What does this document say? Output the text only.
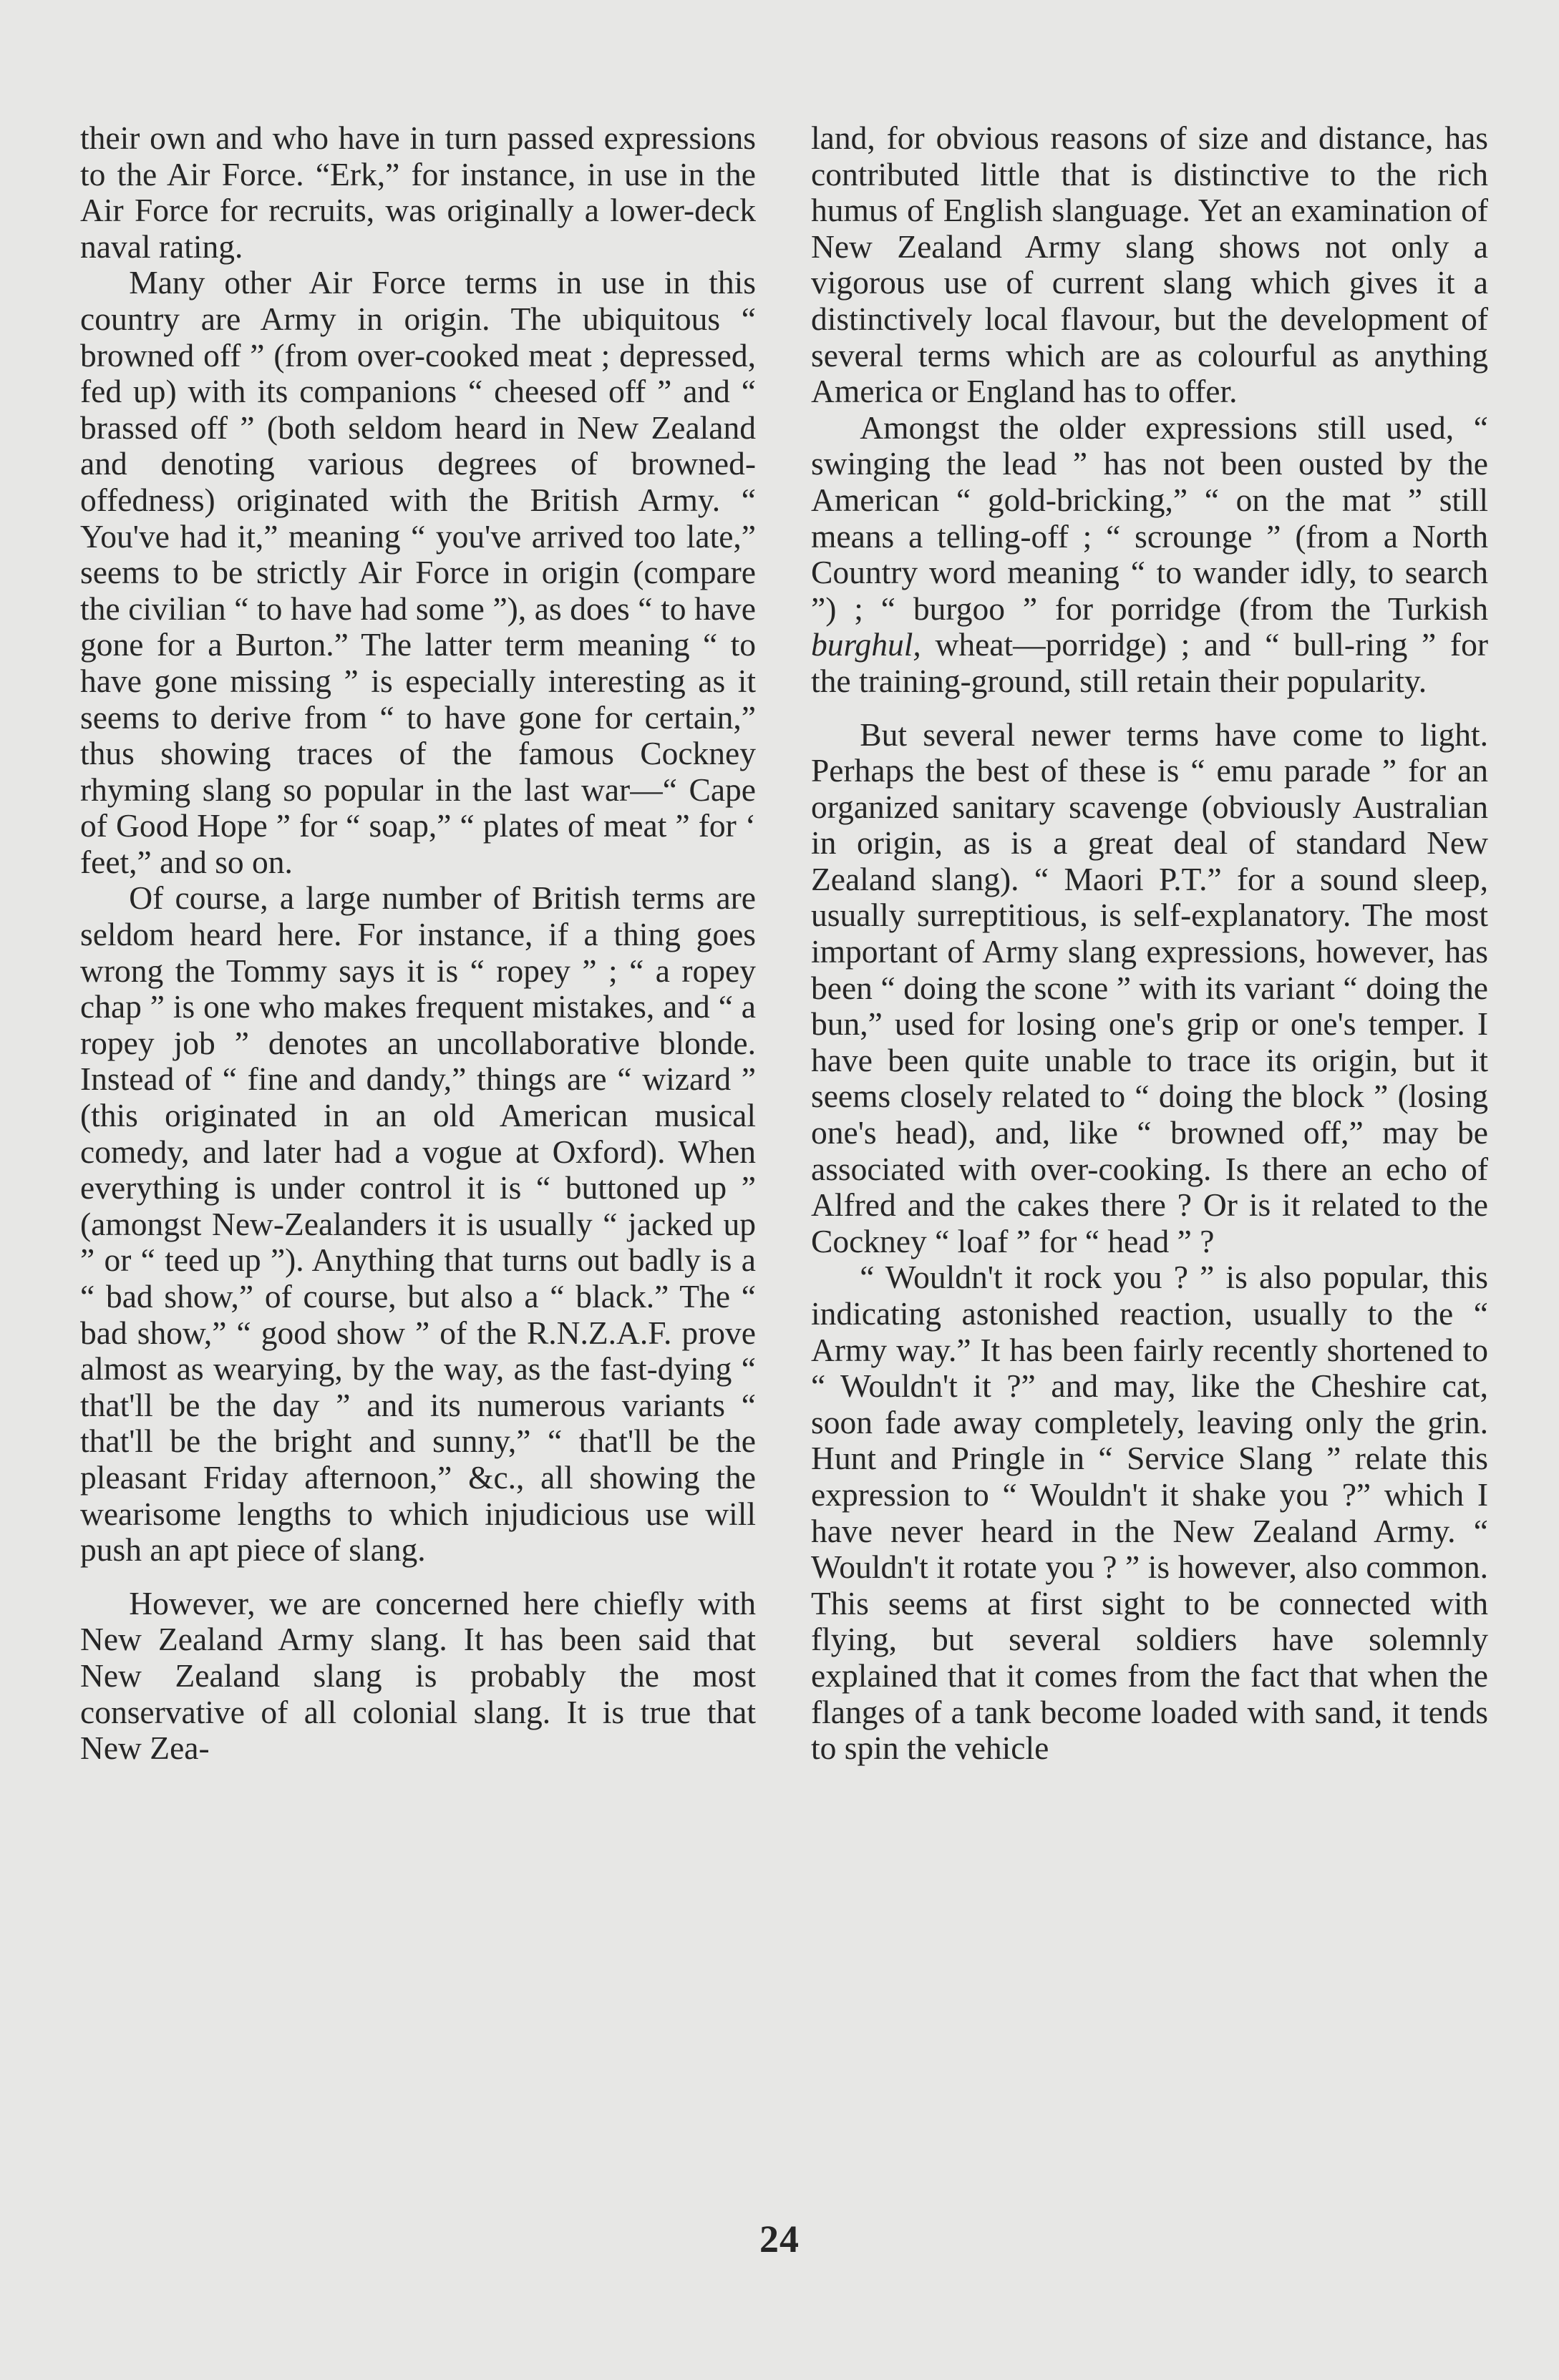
their own and who have in turn passed expressions to the Air Force. “Erk,” for instance, in use in the Air Force for recruits, was originally a lower-deck naval rating.

Many other Air Force terms in use in this country are Army in origin. The ubiquitous “ browned off ” (from over-cooked meat ; depressed, fed up) with its companions “ cheesed off ” and “ brassed off ” (both seldom heard in New Zealand and denoting various degrees of browned-offedness) originated with the British Army. “ You've had it,” meaning “ you've arrived too late,” seems to be strictly Air Force in origin (compare the civilian “ to have had some ”), as does “ to have gone for a Burton.” The latter term meaning “ to have gone missing ” is especially interesting as it seems to derive from “ to have gone for certain,” thus showing traces of the famous Cockney rhyming slang so popular in the last war—“ Cape of Good Hope ” for “ soap,” “ plates of meat ” for ‘ feet,” and so on.

Of course, a large number of British terms are seldom heard here. For instance, if a thing goes wrong the Tommy says it is “ ropey ” ; “ a ropey chap ” is one who makes frequent mistakes, and “ a ropey job ” denotes an uncollaborative blonde. Instead of “ fine and dandy,” things are “ wizard ” (this originated in an old American musical comedy, and later had a vogue at Oxford). When everything is under control it is “ buttoned up ” (amongst New-Zealanders it is usually “ jacked up ” or “ teed up ”). Anything that turns out badly is a “ bad show,” of course, but also a “ black.” The “ bad show,” “ good show ” of the R.N.Z.A.F. prove almost as wearying, by the way, as the fast-dying “ that'll be the day ” and its numerous variants “ that'll be the bright and sunny,” “ that'll be the pleasant Friday afternoon,” &c., all showing the wearisome lengths to which injudicious use will push an apt piece of slang.

However, we are concerned here chiefly with New Zealand Army slang. It has been said that New Zealand slang is probably the most conservative of all colonial slang. It is true that New Zea-

land, for obvious reasons of size and distance, has contributed little that is distinctive to the rich humus of English slanguage. Yet an examination of New Zealand Army slang shows not only a vigorous use of current slang which gives it a distinctively local flavour, but the development of several terms which are as colourful as anything America or England has to offer.

Amongst the older expressions still used, “ swinging the lead ” has not been ousted by the American “ gold-bricking,” “ on the mat ” still means a telling-off ; “ scrounge ” (from a North Country word meaning “ to wander idly, to search ”) ; “ burgoo ” for porridge (from the Turkish burghul, wheat—porridge) ; and “ bull-ring ” for the training-ground, still retain their popularity.

But several newer terms have come to light. Perhaps the best of these is “ emu parade ” for an organized sanitary scavenge (obviously Australian in origin, as is a great deal of standard New Zealand slang). “ Maori P.T.” for a sound sleep, usually surreptitious, is self-explanatory. The most important of Army slang expressions, however, has been “ doing the scone ” with its variant “ doing the bun,” used for losing one's grip or one's temper. I have been quite unable to trace its origin, but it seems closely related to “ doing the block ” (losing one's head), and, like “ browned off,” may be associated with over-cooking. Is there an echo of Alfred and the cakes there ? Or is it related to the Cockney “ loaf ” for “ head ” ?

“ Wouldn't it rock you ? ” is also popular, this indicating astonished reaction, usually to the “ Army way.” It has been fairly recently shortened to “ Wouldn't it ?” and may, like the Cheshire cat, soon fade away completely, leaving only the grin. Hunt and Pringle in “ Service Slang ” relate this expression to “ Wouldn't it shake you ?” which I have never heard in the New Zealand Army. “ Wouldn't it rotate you ? ” is however, also common. This seems at first sight to be connected with flying, but several soldiers have solemnly explained that it comes from the fact that when the flanges of a tank become loaded with sand, it tends to spin the vehicle

24
